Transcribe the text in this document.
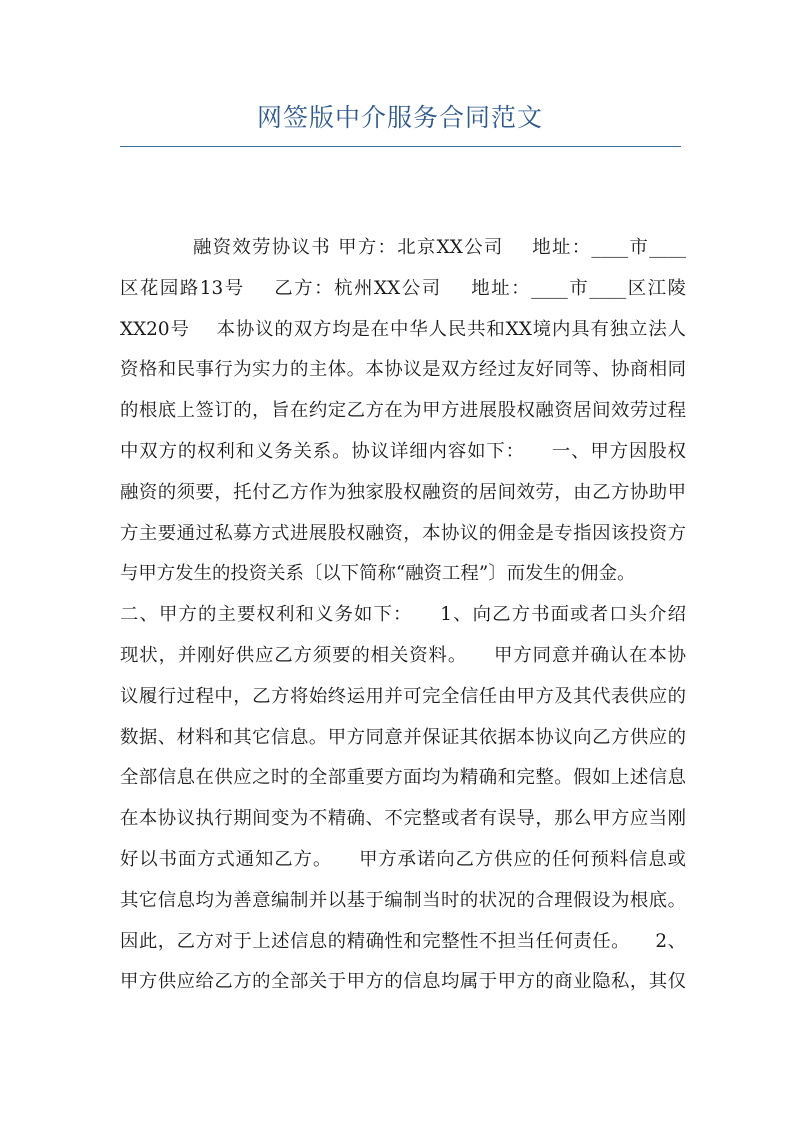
网签版中介服务合同范文
融资效劳协议书 甲方：北京XX公司    地址：____市____
区花园路13号    乙方：杭州XX公司    地址：____市____区江陵
XX20号    本协议的双方均是在中华人民共和XX境内具有独立法人
资格和民事行为实力的主体。本协议是双方经过友好同等、协商相同
的根底上签订的，旨在约定乙方在为甲方进展股权融资居间效劳过程
中双方的权利和义务关系。协议详细内容如下：    一、甲方因股权
融资的须要，托付乙方作为独家股权融资的居间效劳，由乙方协助甲
方主要通过私募方式进展股权融资，本协议的佣金是专指因该投资方
与甲方发生的投资关系〔以下简称“融资工程”〕而发生的佣金。
二、甲方的主要权利和义务如下：    1、向乙方书面或者口头介绍
现状，并刚好供应乙方须要的相关资料。    甲方同意并确认在本协
议履行过程中，乙方将始终运用并可完全信任由甲方及其代表供应的
数据、材料和其它信息。甲方同意并保证其依据本协议向乙方供应的
全部信息在供应之时的全部重要方面均为精确和完整。假如上述信息
在本协议执行期间变为不精确、不完整或者有误导，那么甲方应当刚
好以书面方式通知乙方。    甲方承诺向乙方供应的任何预料信息或
其它信息均为善意编制并以基于编制当时的状况的合理假设为根底。
因此，乙方对于上述信息的精确性和完整性不担当任何责任。    2、
甲方供应给乙方的全部关于甲方的信息均属于甲方的商业隐私，其仅
